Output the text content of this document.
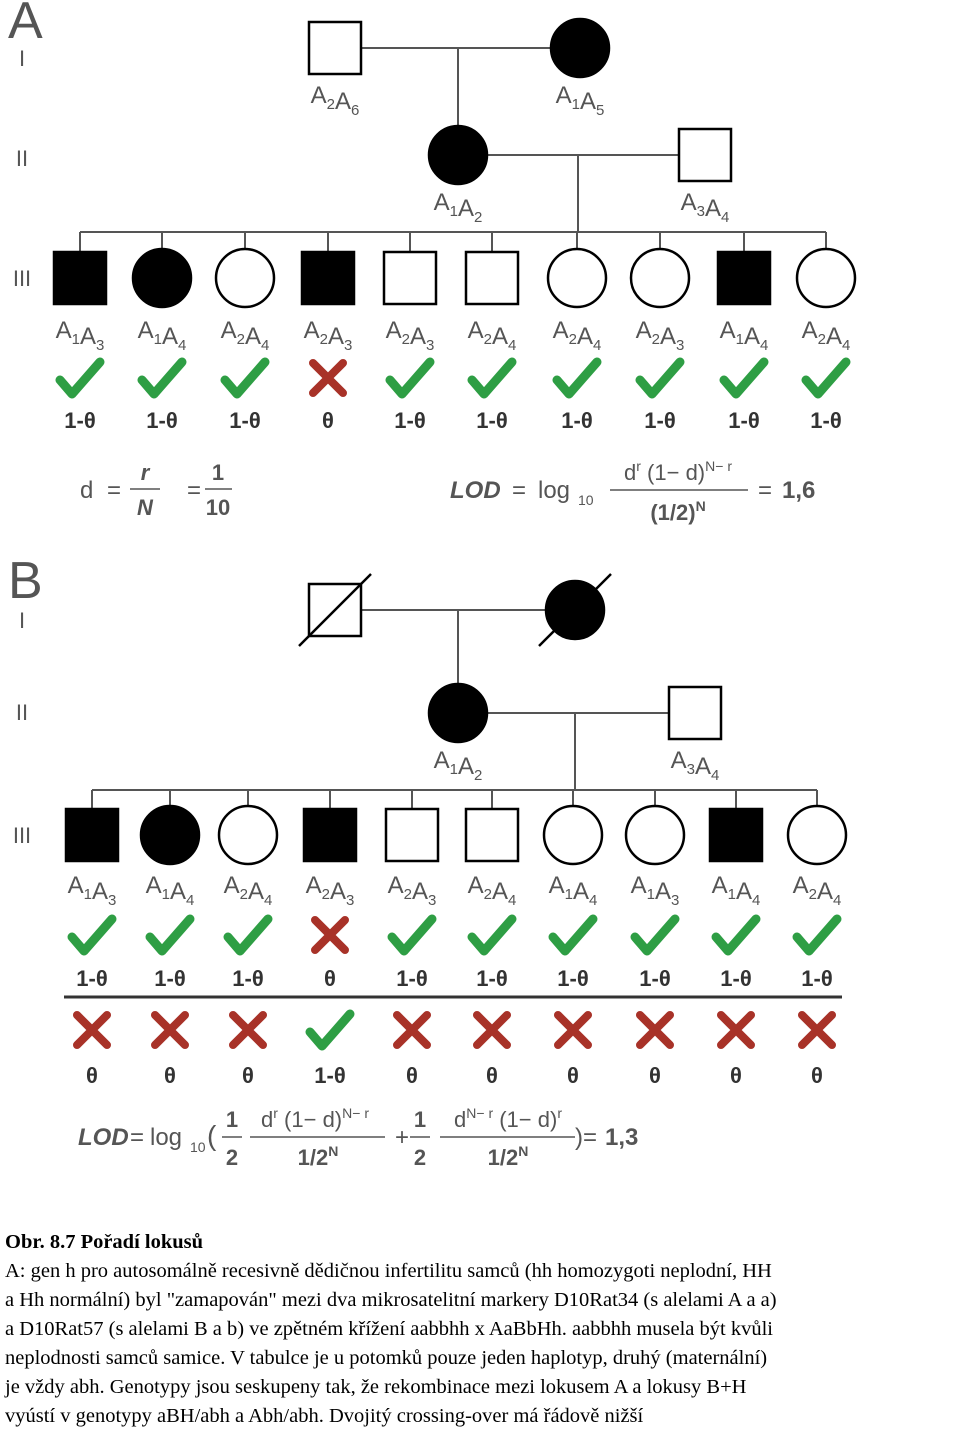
A
I
II
III
$A_2A_6$
$A_1A_5$
$A_1A_2$
$A_3A_4$
$A_1A_3$
1-θ
$A_1A_4$
1-θ
$A_2A_4$
1-θ
$A_2A_3$
θ
$A_2A_3$
1-θ
$A_2A_4$
1-θ
$A_2A_4$
1-θ
$A_2A_3$
1-θ
$A_1A_4$
1-θ
$A_2A_4$
1-θ
B
I
II
III
$A_1A_2$
$A_3A_4$
$A_1A_3$
1-θ
θ
$A_1A_4$
1-θ
θ
$A_2A_4$
1-θ
θ
$A_2A_3$
θ
1-θ
$A_2A_3$
1-θ
θ
$A_2A_4$
1-θ
θ
$A_1A_4$
1-θ
θ
$A_1A_3$
1-θ
θ
$A_1A_4$
1-θ
θ
$A_2A_4$
1-θ
θ
d =
r
N
=
1
10
LOD = log 10
$d^r$ $(1- d)^{N- r}$
$(1/2)^N$
= 1,6
LOD = log 10 (
1
2
$d^r$ $(1- d)^{N- r}$
$1/2^N$ +
1
2
$d^{N- r}$ $(1- d)^r$
$1/2^N$ )= 1,3
Obr. 8.7 Pořadí lokusů
A: gen h pro autosomálně recesivně dědičnou infertilitu samců (hh homozygoti neplodní, HH
a Hh normální) byl "zamapován" mezi dva mikrosatelitní markery D10Rat34 (s alelami A a a)
a D10Rat57 (s alelami B a b) ve zpětném křížení aabbhh x AaBbHh. aabbhh musela být kvůli
neplodnosti samců samice. V tabulce je u potomků pouze jeden haplotyp, druhý (maternální)
je vždy abh. Genotypy jsou seskupeny tak, že rekombinace mezi lokusem A a lokusy B+H
vyústí v genotypy aBH/abh a Abh/abh. Dvojitý crossing-over má řádově nižší
